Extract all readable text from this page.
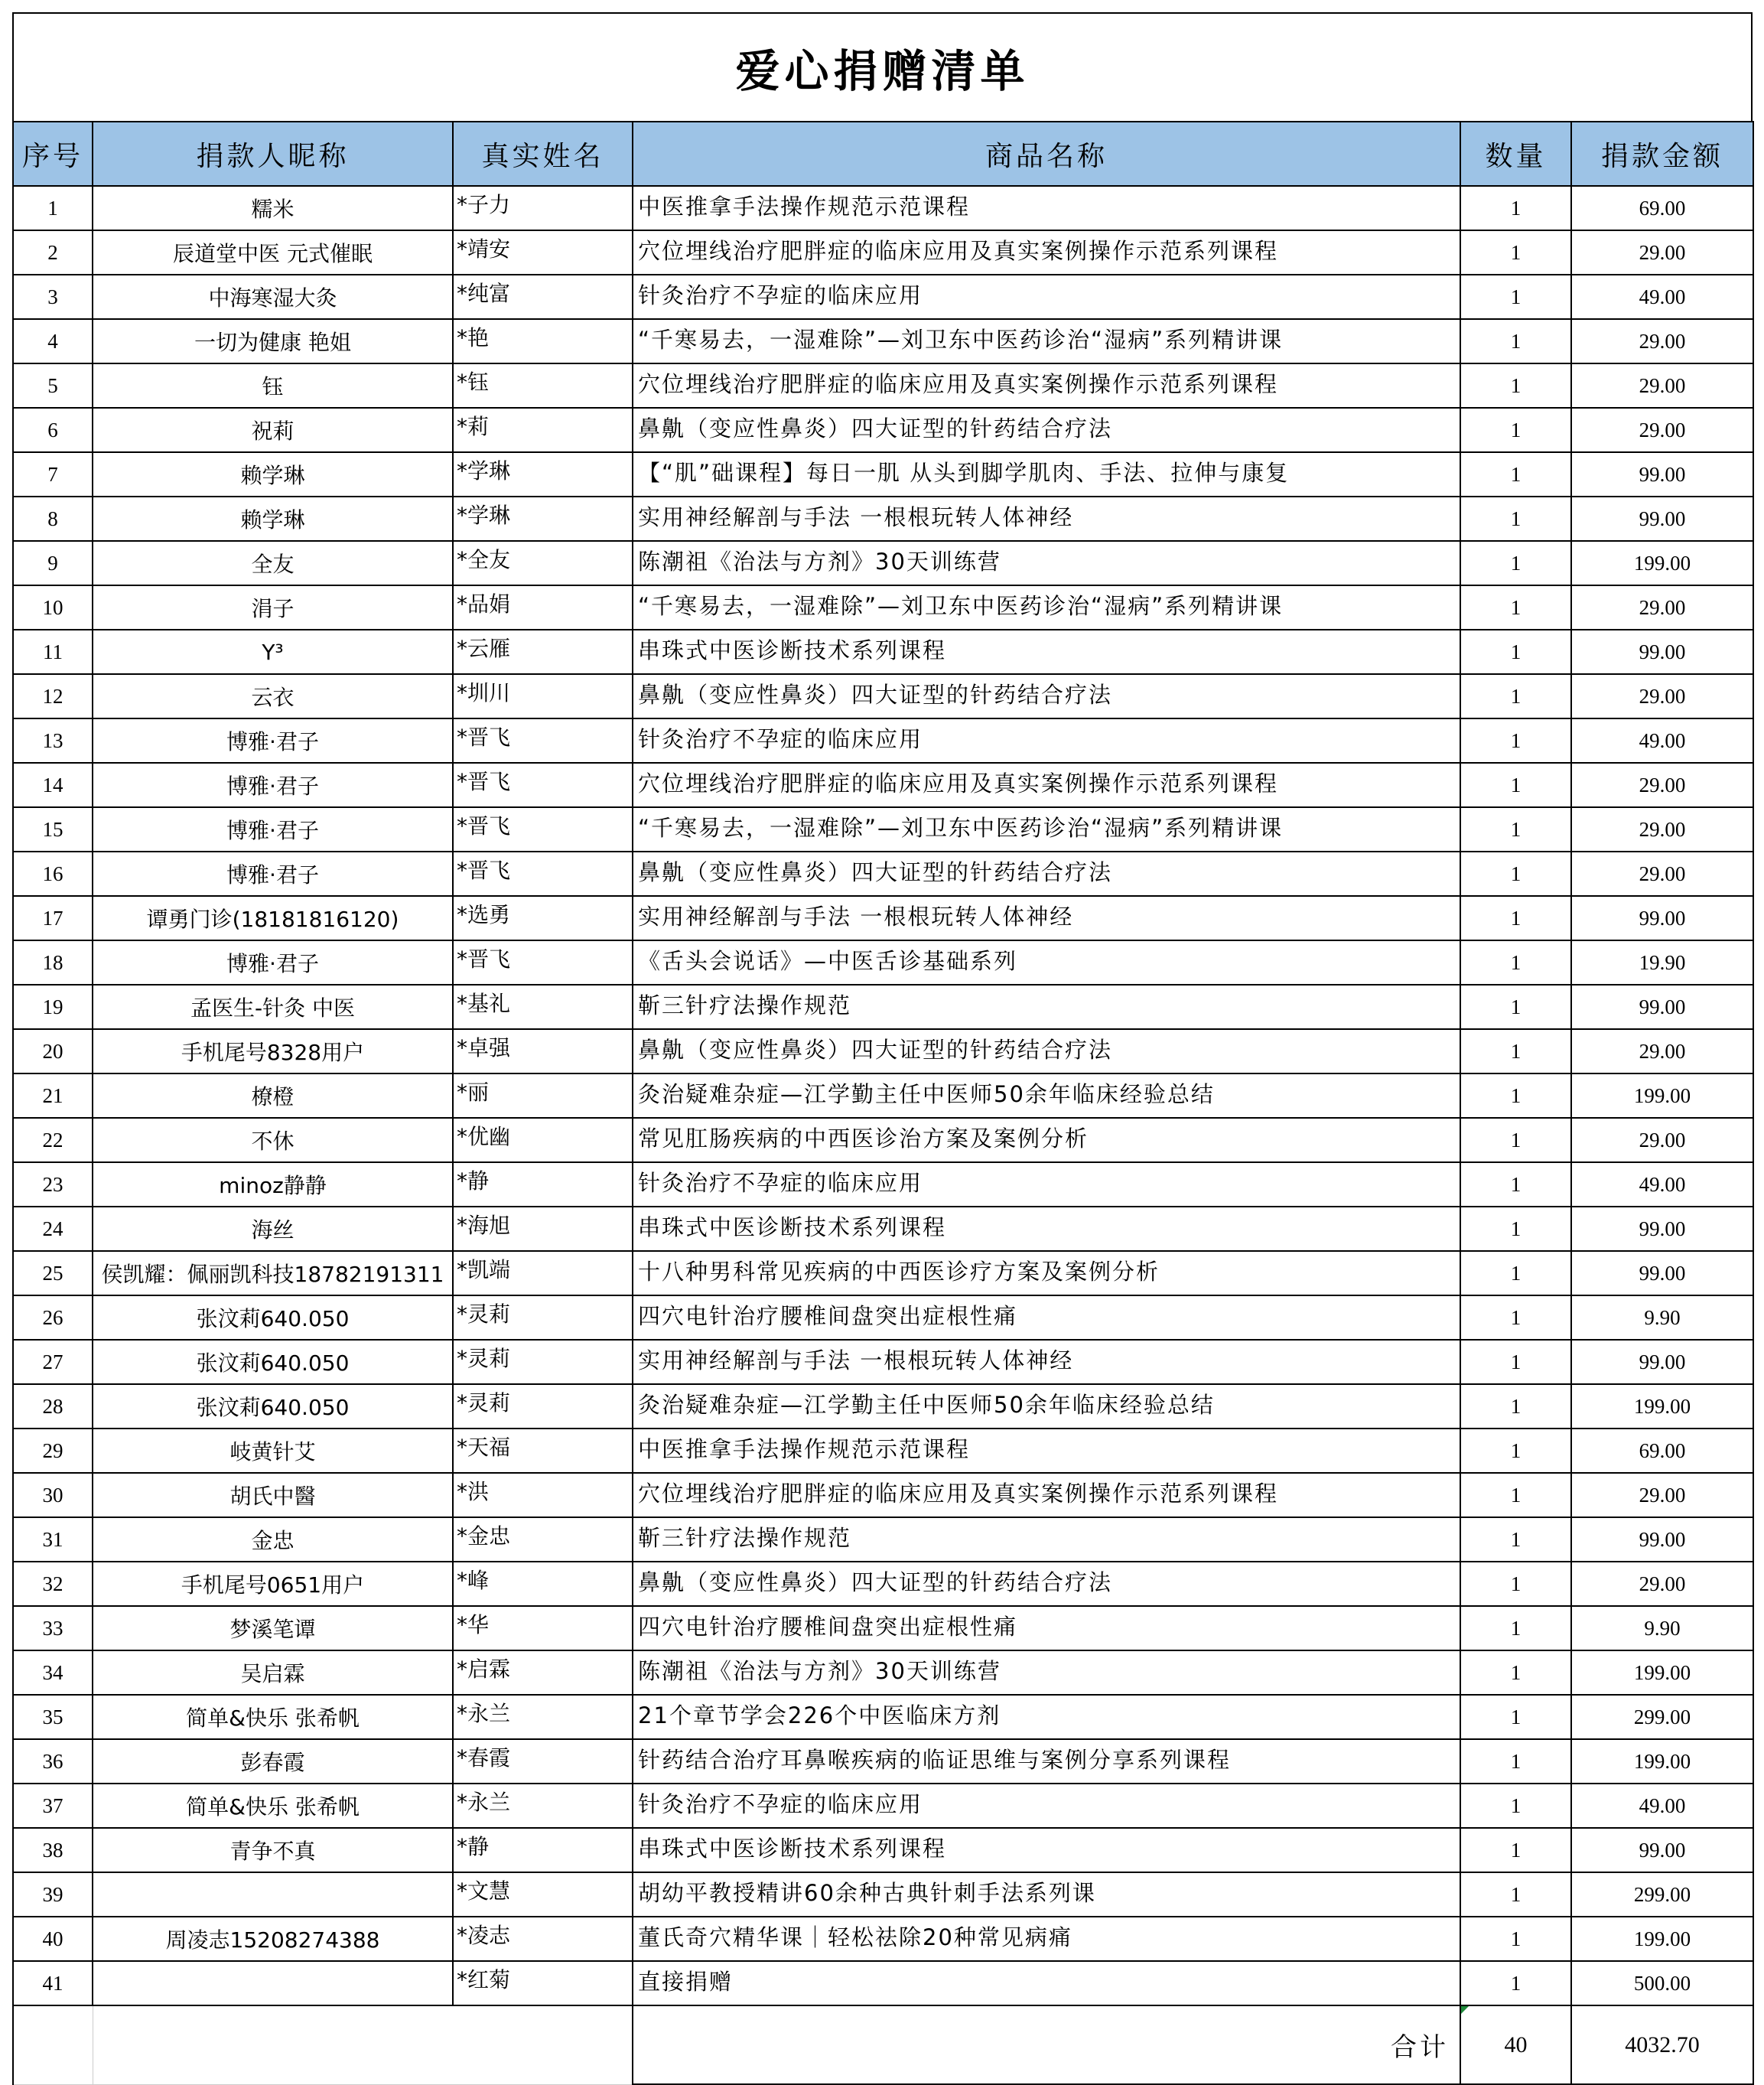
爱心捐赠清单
序号	捐款人昵称	真实姓名	商品名称	数量	捐款金额
1	糯米	*子力	中医推拿手法操作规范示范课程	1	69.00
2	辰道堂中医 元式催眠	*靖安	穴位埋线治疗肥胖症的临床应用及真实案例操作示范系列课程	1	29.00
3	中海寒湿大灸	*纯富	针灸治疗不孕症的临床应用	1	49.00
4	一切为健康 艳姐	*艳	“千寒易去，一湿难除”—刘卫东中医药诊治“湿病”系列精讲课	1	29.00
5	钰	*钰	穴位埋线治疗肥胖症的临床应用及真实案例操作示范系列课程	1	29.00
6	祝莉	*莉	鼻鼽（变应性鼻炎）四大证型的针药结合疗法	1	29.00
7	赖学琳	*学琳	【“肌”础课程】每日一肌 从头到脚学肌肉、手法、拉伸与康复	1	99.00
8	赖学琳	*学琳	实用神经解剖与手法 一根根玩转人体神经	1	99.00
9	全友	*全友	陈潮祖《治法与方剂》30天训练营	1	199.00
10	涓子	*品娟	“千寒易去，一湿难除”—刘卫东中医药诊治“湿病”系列精讲课	1	29.00
11	Y³	*云雁	串珠式中医诊断技术系列课程	1	99.00
12	云衣	*圳川	鼻鼽（变应性鼻炎）四大证型的针药结合疗法	1	29.00
13	博雅·君子	*晋飞	针灸治疗不孕症的临床应用	1	49.00
14	博雅·君子	*晋飞	穴位埋线治疗肥胖症的临床应用及真实案例操作示范系列课程	1	29.00
15	博雅·君子	*晋飞	“千寒易去，一湿难除”—刘卫东中医药诊治“湿病”系列精讲课	1	29.00
16	博雅·君子	*晋飞	鼻鼽（变应性鼻炎）四大证型的针药结合疗法	1	29.00
17	谭勇门诊(18181816120)	*选勇	实用神经解剖与手法 一根根玩转人体神经	1	99.00
18	博雅·君子	*晋飞	《舌头会说话》—中医舌诊基础系列	1	19.90
19	孟医生-针灸 中医	*基礼	靳三针疗法操作规范	1	99.00
20	手机尾号8328用户	*卓强	鼻鼽（变应性鼻炎）四大证型的针药结合疗法	1	29.00
21	橑橙	*丽	灸治疑难杂症—江学勤主任中医师50余年临床经验总结	1	199.00
22	不休	*优幽	常见肛肠疾病的中西医诊治方案及案例分析	1	29.00
23	minoz静静	*静	针灸治疗不孕症的临床应用	1	49.00
24	海丝	*海旭	串珠式中医诊断技术系列课程	1	99.00
25	侯凯耀：佩丽凯科技18782191311	*凯端	十八种男科常见疾病的中西医诊疗方案及案例分析	1	99.00
26	张汶莉640.050	*灵莉	四穴电针治疗腰椎间盘突出症根性痛	1	9.90
27	张汶莉640.050	*灵莉	实用神经解剖与手法 一根根玩转人体神经	1	99.00
28	张汶莉640.050	*灵莉	灸治疑难杂症—江学勤主任中医师50余年临床经验总结	1	199.00
29	岐黄针艾	*天福	中医推拿手法操作规范示范课程	1	69.00
30	胡氏中醫	*洪	穴位埋线治疗肥胖症的临床应用及真实案例操作示范系列课程	1	29.00
31	金忠	*金忠	靳三针疗法操作规范	1	99.00
32	手机尾号0651用户	*峰	鼻鼽（变应性鼻炎）四大证型的针药结合疗法	1	29.00
33	梦溪笔谭	*华	四穴电针治疗腰椎间盘突出症根性痛	1	9.90
34	吴启霖	*启霖	陈潮祖《治法与方剂》30天训练营	1	199.00
35	简单&快乐 张希帆	*永兰	21个章节学会226个中医临床方剂	1	299.00
36	彭春霞	*春霞	针药结合治疗耳鼻喉疾病的临证思维与案例分享系列课程	1	199.00
37	简单&快乐 张希帆	*永兰	针灸治疗不孕症的临床应用	1	49.00
38	青争不真	*静	串珠式中医诊断技术系列课程	1	99.00
39		*文慧	胡幼平教授精讲60余种古典针刺手法系列课	1	299.00
40	周凌志15208274388	*凌志	董氏奇穴精华课｜轻松祛除20种常见病痛	1	199.00
41		*红菊	直接捐赠	1	500.00
			合计	40	4032.70
